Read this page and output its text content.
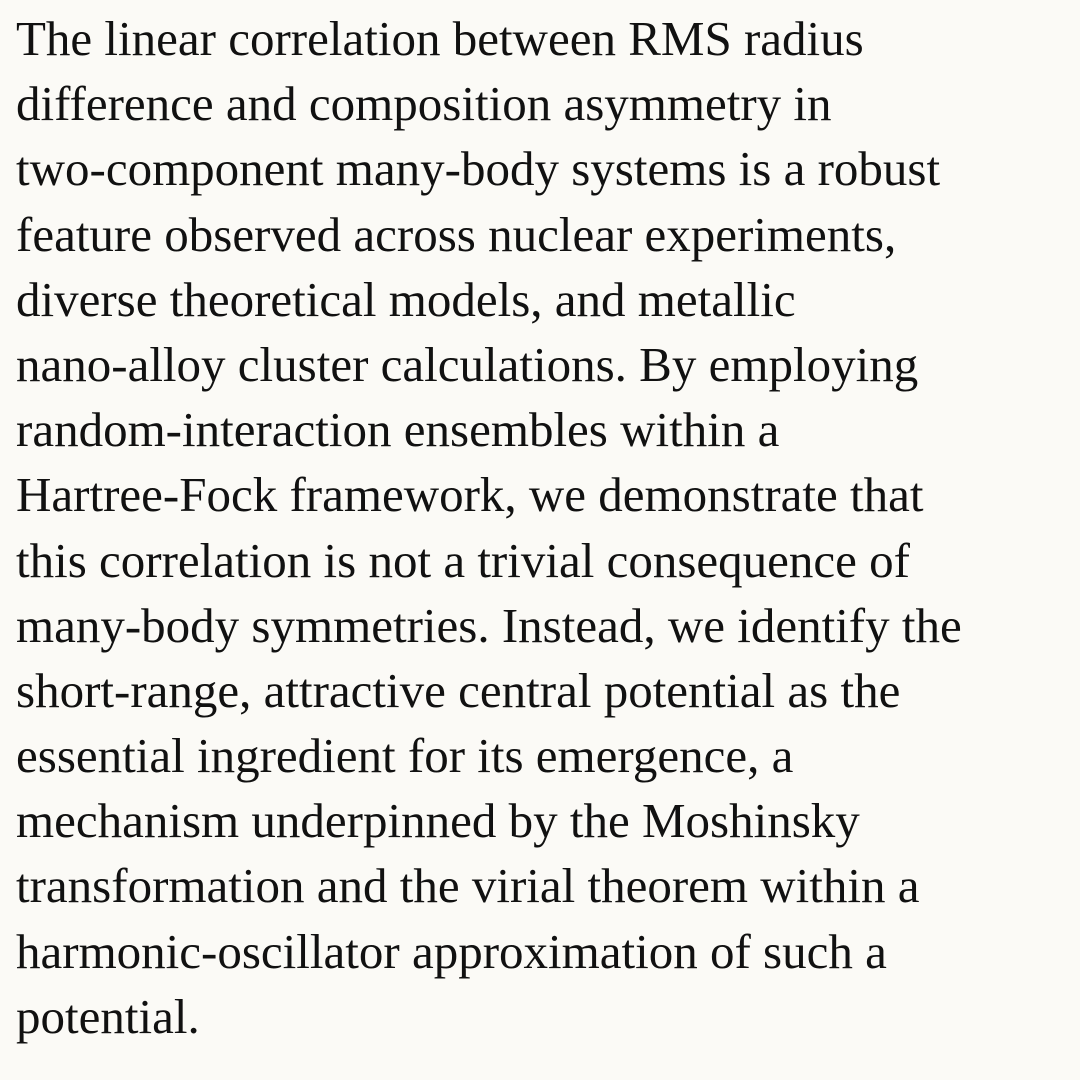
The linear correlation between RMS radius
difference and composition asymmetry in
two-component many-body systems is a robust
feature observed across nuclear experiments,
diverse theoretical models, and metallic
nano-alloy cluster calculations. By employing
random-interaction ensembles within a
Hartree-Fock framework, we demonstrate that
this correlation is not a trivial consequence of
many-body symmetries. Instead, we identify the
short-range, attractive central potential as the
essential ingredient for its emergence, a
mechanism underpinned by the Moshinsky
transformation and the virial theorem within a
harmonic-oscillator approximation of such a
potential.
